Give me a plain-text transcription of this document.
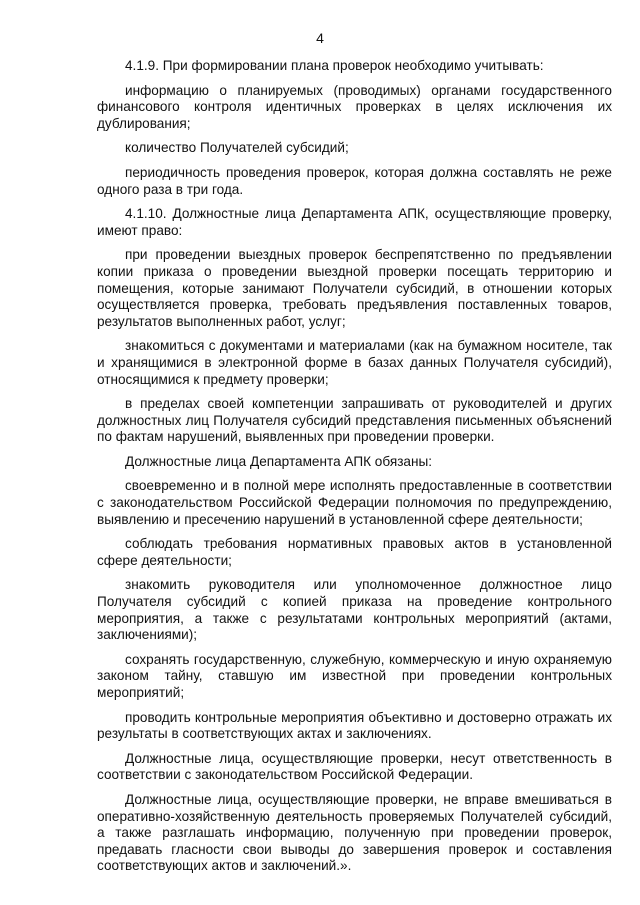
4

4.1.9. При формировании плана проверок необходимо учитывать:

информацию о планируемых (проводимых) органами государственного финансового контроля идентичных проверках в целях исключения их дублирования;

количество Получателей субсидий;

периодичность проведения проверок, которая должна составлять не реже одного раза в три года.

4.1.10. Должностные лица Департамента АПК, осуществляющие проверку, имеют право:

при проведении выездных проверок беспрепятственно по предъявлении копии приказа о проведении выездной проверки посещать территорию и помещения, которые занимают Получатели субсидий, в отношении которых осуществляется проверка, требовать предъявления поставленных товаров, результатов выполненных работ, услуг;

знакомиться с документами и материалами (как на бумажном носителе, так и хранящимися в электронной форме в базах данных Получателя субсидий), относящимися к предмету проверки;

в пределах своей компетенции запрашивать от руководителей и других должностных лиц Получателя субсидий представления письменных объяснений по фактам нарушений, выявленных при проведении проверки.

Должностные лица Департамента АПК обязаны:

своевременно и в полной мере исполнять предоставленные в соответствии с законодательством Российской Федерации полномочия по предупреждению, выявлению и пресечению нарушений в установленной сфере деятельности;

соблюдать требования нормативных правовых актов в установленной сфере деятельности;

знакомить руководителя или уполномоченное должностное лицо Получателя субсидий с копией приказа на проведение контрольного мероприятия, а также с результатами контрольных мероприятий (актами, заключениями);

сохранять государственную, служебную, коммерческую и иную охраняемую законом тайну, ставшую им известной при проведении контрольных мероприятий;

проводить контрольные мероприятия объективно и достоверно отражать их результаты в соответствующих актах и заключениях.

Должностные лица, осуществляющие проверки, несут ответственность в соответствии с законодательством Российской Федерации.

Должностные лица, осуществляющие проверки, не вправе вмешиваться в оперативно-хозяйственную деятельность проверяемых Получателей субсидий, а также разглашать информацию, полученную при проведении проверок, предавать гласности свои выводы до завершения проверок и составления соответствующих актов и заключений.».
